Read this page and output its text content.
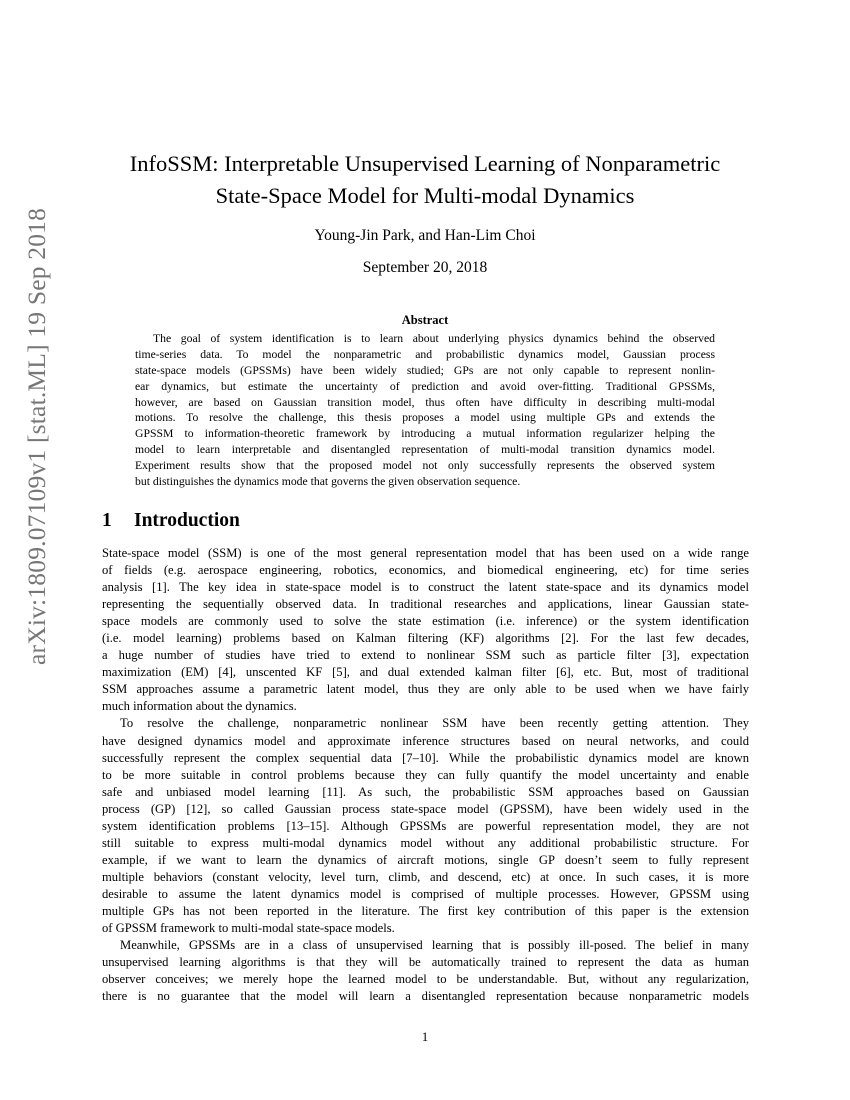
arXiv:1809.07109v1 [stat.ML] 19 Sep 2018
InfoSSM: Interpretable Unsupervised Learning of Nonparametric
State-Space Model for Multi-modal Dynamics
Young-Jin Park, and Han-Lim Choi
September 20, 2018
Abstract
The goal of system identification is to learn about underlying physics dynamics behind the observed
time-series data. To model the nonparametric and probabilistic dynamics model, Gaussian process
state-space models (GPSSMs) have been widely studied; GPs are not only capable to represent nonlin-
ear dynamics, but estimate the uncertainty of prediction and avoid over-fitting. Traditional GPSSMs,
however, are based on Gaussian transition model, thus often have difficulty in describing multi-modal
motions. To resolve the challenge, this thesis proposes a model using multiple GPs and extends the
GPSSM to information-theoretic framework by introducing a mutual information regularizer helping the
model to learn interpretable and disentangled representation of multi-modal transition dynamics model.
Experiment results show that the proposed model not only successfully represents the observed system
but distinguishes the dynamics mode that governs the given observation sequence.
1 Introduction
State-space model (SSM) is one of the most general representation model that has been used on a wide range
of fields (e.g. aerospace engineering, robotics, economics, and biomedical engineering, etc) for time series
analysis [1]. The key idea in state-space model is to construct the latent state-space and its dynamics model
representing the sequentially observed data. In traditional researches and applications, linear Gaussian state-
space models are commonly used to solve the state estimation (i.e. inference) or the system identification
(i.e. model learning) problems based on Kalman filtering (KF) algorithms [2]. For the last few decades,
a huge number of studies have tried to extend to nonlinear SSM such as particle filter [3], expectation
maximization (EM) [4], unscented KF [5], and dual extended kalman filter [6], etc. But, most of traditional
SSM approaches assume a parametric latent model, thus they are only able to be used when we have fairly
much information about the dynamics.
To resolve the challenge, nonparametric nonlinear SSM have been recently getting attention. They
have designed dynamics model and approximate inference structures based on neural networks, and could
successfully represent the complex sequential data [7–10]. While the probabilistic dynamics model are known
to be more suitable in control problems because they can fully quantify the model uncertainty and enable
safe and unbiased model learning [11]. As such, the probabilistic SSM approaches based on Gaussian
process (GP) [12], so called Gaussian process state-space model (GPSSM), have been widely used in the
system identification problems [13–15]. Although GPSSMs are powerful representation model, they are not
still suitable to express multi-modal dynamics model without any additional probabilistic structure. For
example, if we want to learn the dynamics of aircraft motions, single GP doesn’t seem to fully represent
multiple behaviors (constant velocity, level turn, climb, and descend, etc) at once. In such cases, it is more
desirable to assume the latent dynamics model is comprised of multiple processes. However, GPSSM using
multiple GPs has not been reported in the literature. The first key contribution of this paper is the extension
of GPSSM framework to multi-modal state-space models.
Meanwhile, GPSSMs are in a class of unsupervised learning that is possibly ill-posed. The belief in many
unsupervised learning algorithms is that they will be automatically trained to represent the data as human
observer conceives; we merely hope the learned model to be understandable. But, without any regularization,
there is no guarantee that the model will learn a disentangled representation because nonparametric models
1
